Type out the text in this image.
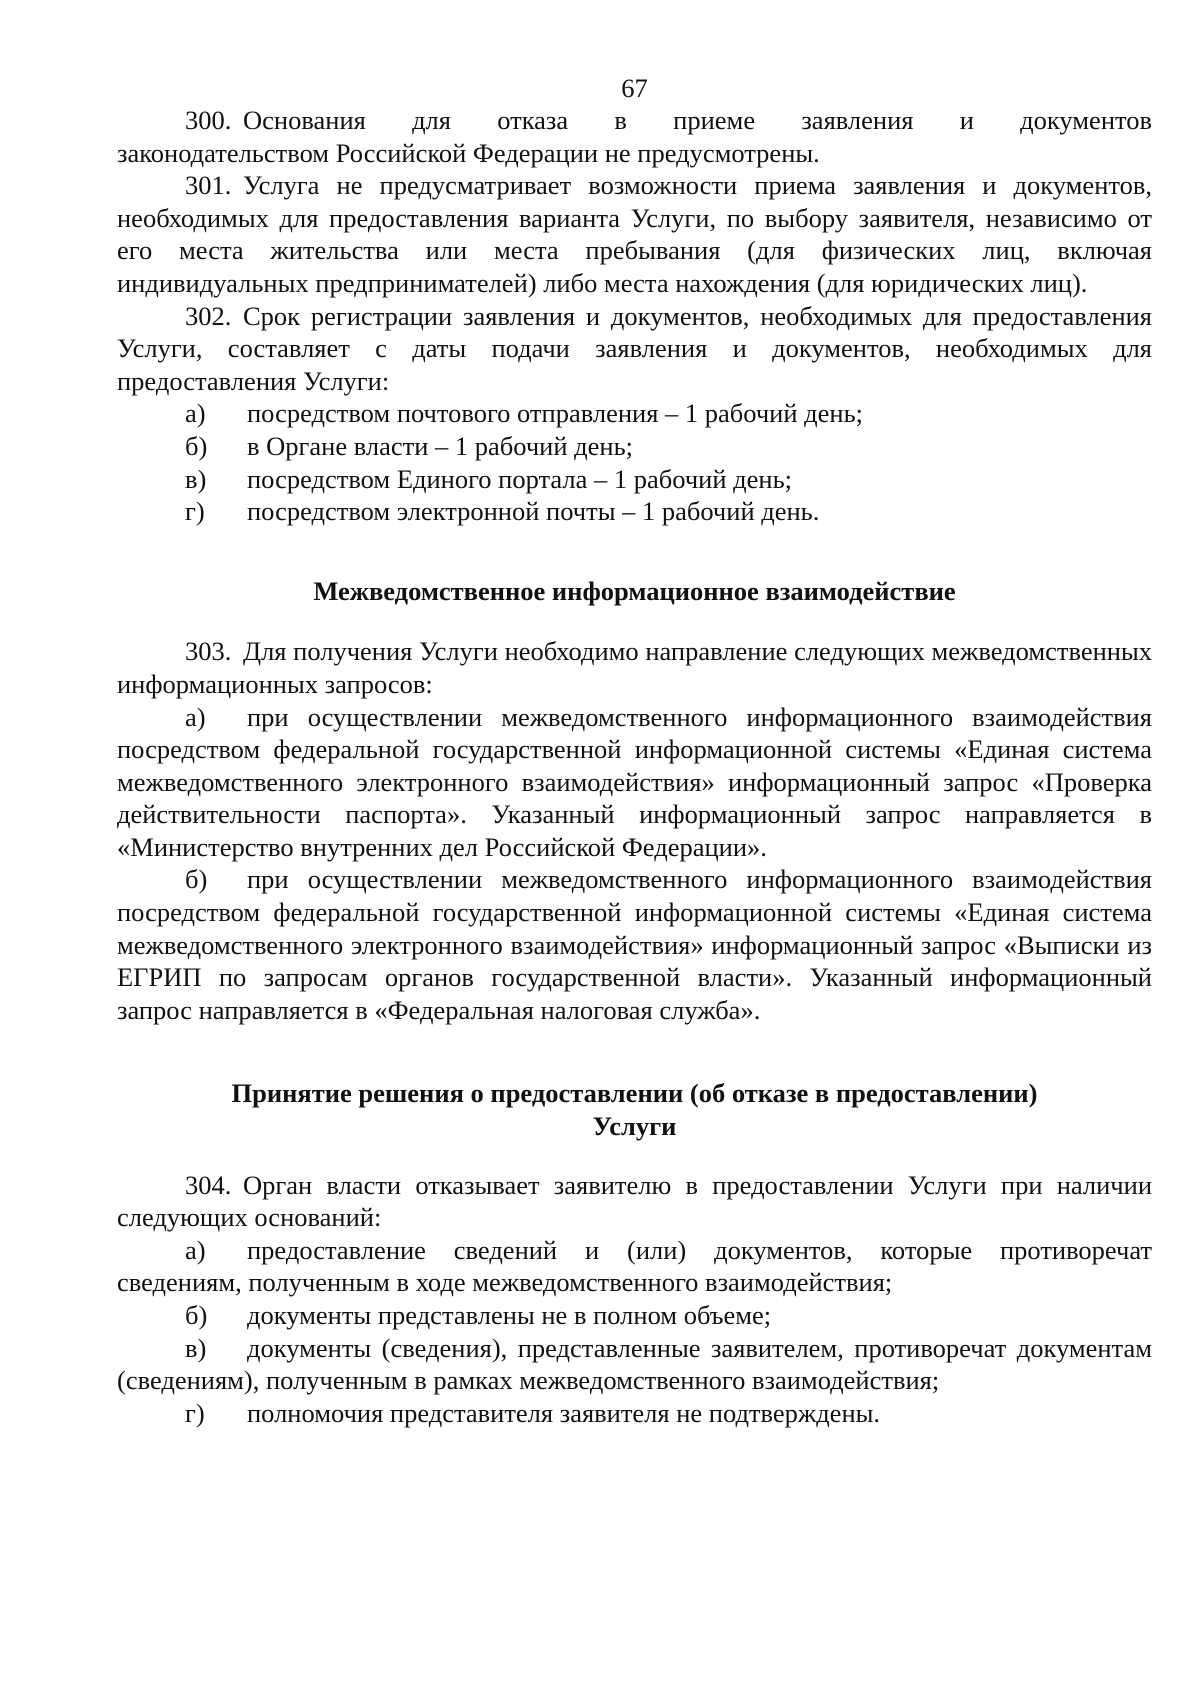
67

300. Основания для отказа в приеме заявления и документов

законодательством Российской Федерации не предусмотрены.

301. Услуга не предусматривает возможности приема заявления и документов, необходимых для предоставления варианта Услуги, по выбору заявителя, независимо от его места жительства или места пребывания (для физических лиц, включая индивидуальных предпринимателей) либо места нахождения (для юридических лиц).

302. Срок регистрации заявления и документов, необходимых для предоставления Услуги, составляет с даты подачи заявления и документов, необходимых для предоставления Услуги:

а)	посредством почтового отправления – 1 рабочий день;
б)	в Органе власти – 1 рабочий день;
в)	посредством Единого портала – 1 рабочий день;
г)	посредством электронной почты – 1 рабочий день.

Межведомственное информационное взаимодействие

303. Для получения Услуги необходимо направление следующих межведомственных информационных запросов:

а) при осуществлении межведомственного информационного взаимодействия посредством федеральной государственной информационной системы «Единая система межведомственного электронного взаимодействия» информационный запрос «Проверка действительности паспорта». Указанный информационный запрос направляется в «Министерство внутренних дел Российской Федерации».

б) при осуществлении межведомственного информационного взаимодействия посредством федеральной государственной информационной системы «Единая система межведомственного электронного взаимодействия» информационный запрос «Выписки из ЕГРИП по запросам органов государственной власти». Указанный информационный запрос направляется в «Федеральная налоговая служба».

Принятие решения о предоставлении (об отказе в предоставлении)

Услуги

304. Орган власти отказывает заявителю в предоставлении Услуги при наличии следующих оснований:

а) предоставление сведений и (или) документов, которые противоречат сведениям, полученным в ходе межведомственного взаимодействия;

б) документы представлены не в полном объеме;

в) документы (сведения), представленные заявителем, противоречат документам (сведениям), полученным в рамках межведомственного взаимодействия;

г) полномочия представителя заявителя не подтверждены.
